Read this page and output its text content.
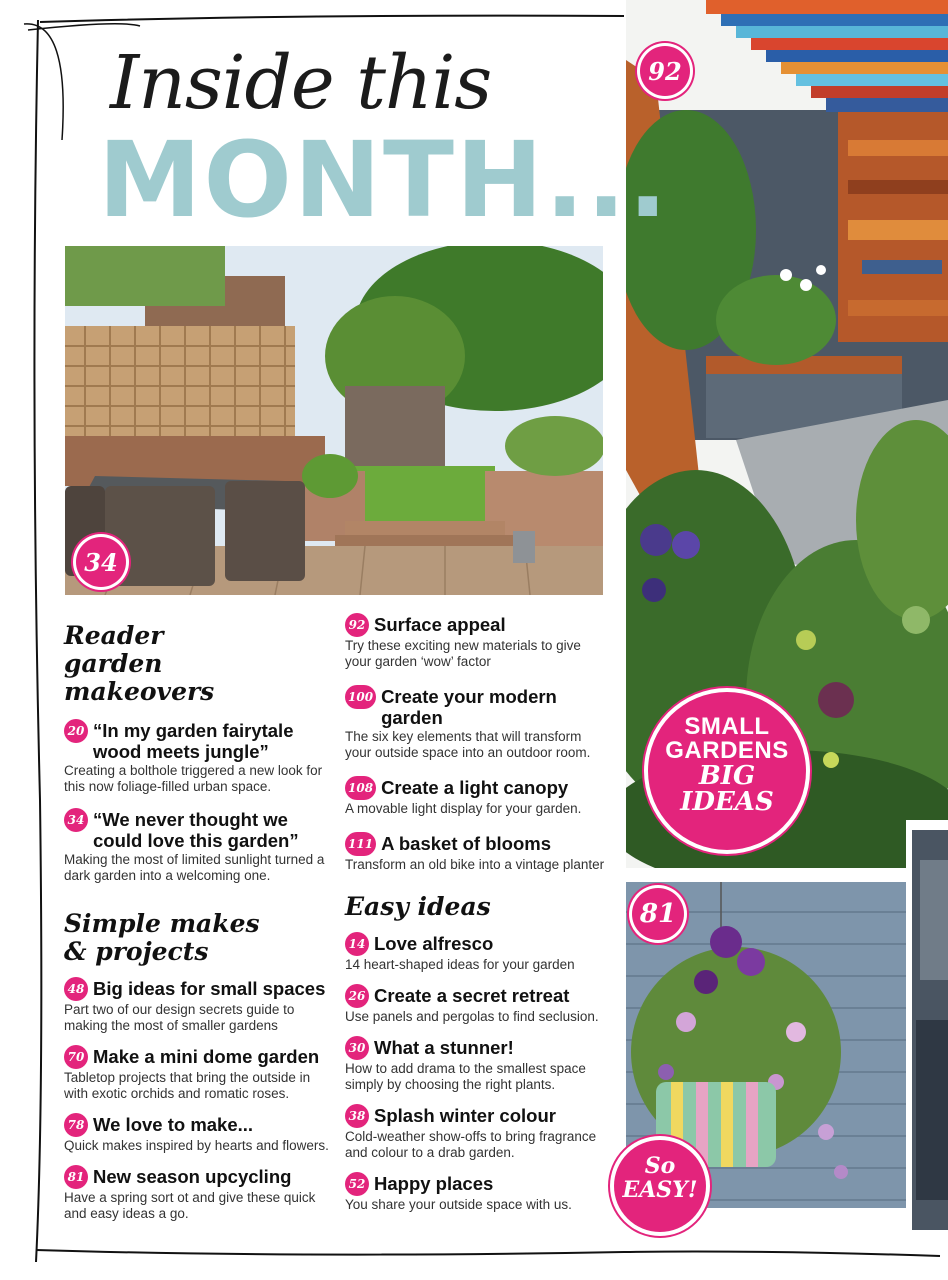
Inside this
MONTH...
34
92
81
SMALL
GARDENS
BIG
IDEAS
So
EASY!
Reader garden makeovers
20 “In my garden fairytale wood meets jungle”
Creating a bolthole triggered a new look for this now foliage-filled urban space.
34 “We never thought we could love this garden”
Making the most of limited sunlight turned a dark garden into a welcoming one.
Simple makes & projects
48 Big ideas for small spaces
Part two of our design secrets guide to making the most of smaller gardens
70 Make a mini dome garden
Tabletop projects that bring the outside in with exotic orchids and romatic roses.
78 We love to make...
Quick makes inspired by hearts and flowers.
81 New season upcycling
Have a spring sort ot and give these quick and easy ideas a go.
92 Surface appeal
Try these exciting new materials to give your garden ‘wow’ factor
100 Create your modern garden
The six key elements that will transform your outside space into an outdoor room.
108 Create a light canopy
A movable light display for your garden.
111 A basket of blooms
Transform an old bike into a vintage planter
Easy ideas
14 Love alfresco
14 heart-shaped ideas for your garden
26 Create a secret retreat
Use panels and pergolas to find seclusion.
30 What a stunner!
How to add drama to the smallest space simply by choosing the right plants.
38 Splash winter colour
Cold-weather show-offs to bring fragrance and colour to a drab garden.
52 Happy places
You share your outside space with us.
